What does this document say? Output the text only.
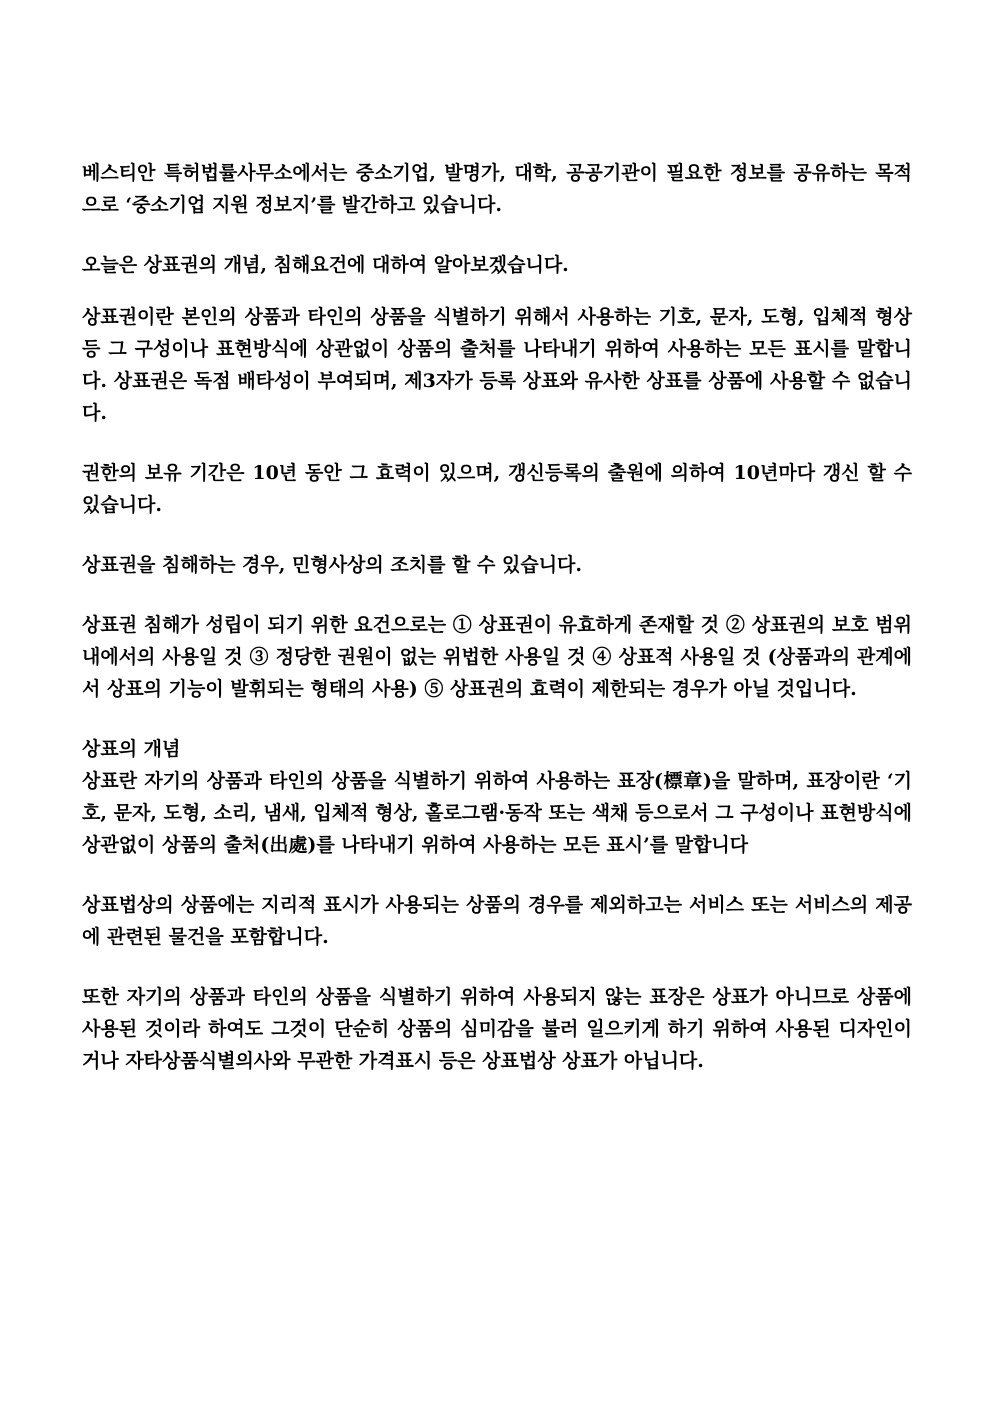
베스티안 특허법률사무소에서는 중소기업, 발명가, 대학, 공공기관이 필요한 정보를 공유하는 목적으로 ‘중소기업 지원 정보지’를 발간하고 있습니다.

오늘은 상표권의 개념, 침해요건에 대하여 알아보겠습니다.

상표권이란 본인의 상품과 타인의 상품을 식별하기 위해서 사용하는 기호, 문자, 도형, 입체적 형상 등 그 구성이나 표현방식에 상관없이 상품의 출처를 나타내기 위하여 사용하는 모든 표시를 말합니다. 상표권은 독점 배타성이 부여되며, 제3자가 등록 상표와 유사한 상표를 상품에 사용할 수 없습니다.

권한의 보유 기간은 10년 동안 그 효력이 있으며, 갱신등록의 출원에 의하여 10년마다 갱신 할 수 있습니다.

상표권을 침해하는 경우, 민형사상의 조치를 할 수 있습니다.

상표권 침해가 성립이 되기 위한 요건으로는 ① 상표권이 유효하게 존재할 것 ② 상표권의 보호 범위 내에서의 사용일 것 ③ 정당한 권원이 없는 위법한 사용일 것 ④ 상표적 사용일 것 (상품과의 관계에서 상표의 기능이 발휘되는 형태의 사용) ⑤ 상표권의 효력이 제한되는 경우가 아닐 것입니다.

상표의 개념

상표란 자기의 상품과 타인의 상품을 식별하기 위하여 사용하는 표장(標章)을 말하며, 표장이란 ‘기호, 문자, 도형, 소리, 냄새, 입체적 형상, 홀로그램·동작 또는 색채 등으로서 그 구성이나 표현방식에 상관없이 상품의 출처(出處)를 나타내기 위하여 사용하는 모든 표시’를 말합니다

상표법상의 상품에는 지리적 표시가 사용되는 상품의 경우를 제외하고는 서비스 또는 서비스의 제공에 관련된 물건을 포함합니다.

또한 자기의 상품과 타인의 상품을 식별하기 위하여 사용되지 않는 표장은 상표가 아니므로 상품에 사용된 것이라 하여도 그것이 단순히 상품의 심미감을 불러 일으키게 하기 위하여 사용된 디자인이거나 자타상품식별의사와 무관한 가격표시 등은 상표법상 상표가 아닙니다.
